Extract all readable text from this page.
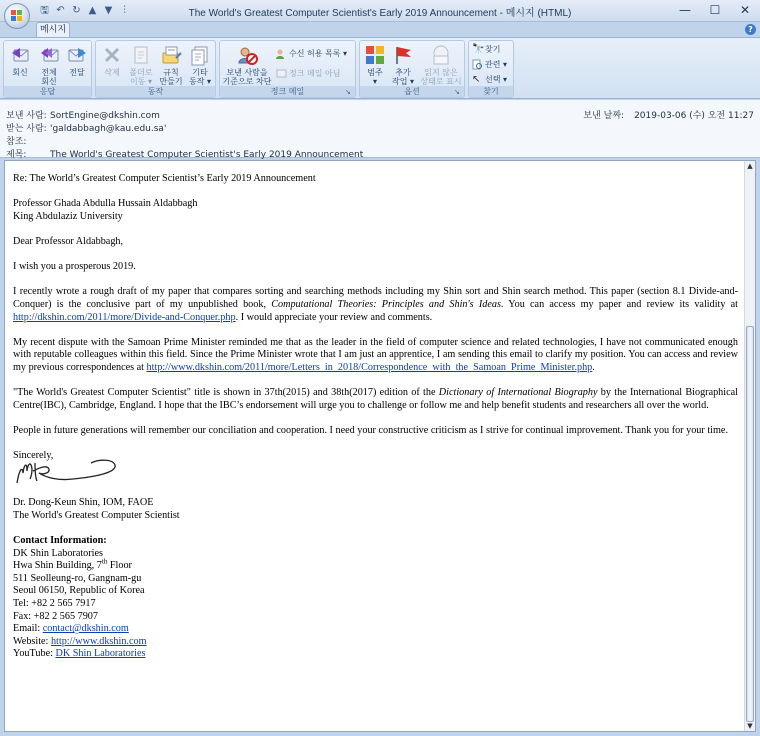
🖫 ↶ ↻ ▲ ▼	⫶	The World's Greatest Computer Scientist's Early 2019 Announcement - 메시지 (HTML)	—	☐	✕
메시지	?
회신	전체
회신
전달
응답
삭제	폴더로
이동 ▾
규칙
만들기
기타
동작 ▾
동작
보낸 사람을
기준으로 차단
수신 허용 목록 ▾
정크 메일 아님
정크 메일	↘
범주
▾
추가
작업 ▾
읽지 않은
상태로 표시
옵션	↘
🔭찾기
관련 ▾
↖ 선택 ▾
찾기
보낸 사람: SortEngine@dkshin.com
받는 사람: 'galdabbagh@kau.edu.sa'
참조:
제목:	The World's Greatest Computer Scientist's Early 2019 Announcement
보낸 날짜: 2019-03-06 (수) 오전 11:27

Re: The World’s Greatest Computer Scientist’s Early 2019 Announcement

Professor Ghada Abdulla Hussain Aldabbagh
King Abdulaziz University

Dear Professor Aldabbagh,

I wish you a prosperous 2019.

I recently wrote a rough draft of my paper that compares sorting and searching methods including my Shin sort and Shin search method. This paper (section 8.1 Divide-and-Conquer) is the conclusive part of my unpublished book, Computational Theories: Principles and Shin's Ideas. You can access my paper and review its validity at http://dkshin.com/2011/more/Divide-and-Conquer.php. I would appreciate your review and comments.

My recent dispute with the Samoan Prime Minister reminded me that as the leader in the field of computer science and related technologies, I have not communicated enough with reputable colleagues within this field. Since the Prime Minister wrote that I am just an apprentice, I am sending this email to clarify my position. You can access and review my previous correspondences at http://www.dkshin.com/2011/more/Letters_in_2018/Correspondence_with_the_Samoan_Prime_Minister.php.

"The World's Greatest Computer Scientist" title is shown in 37th(2015) and 38th(2017) edition of the Dictionary of International Biography by the International Biographical Centre(IBC), Cambridge, England. I hope that the IBC’s endorsement will urge you to challenge or follow me and help benefit students and researchers all over the world.

People in future generations will remember our conciliation and cooperation. I need your constructive criticism as I strive for continual improvement. Thank you for your time.

Sincerely,
Dr. Dong-Keun Shin, IOM, FAOE
The World's Greatest Computer Scientist
Contact Information:
DK Shin Laboratories
Hwa Shin Building, 7th Floor
511 Seolleung-ro, Gangnam-gu
Seoul 06150, Republic of Korea
Tel: +82 2 565 7917
Fax: +82 2 565 7907
Email: contact@dkshin.com
Website: http://www.dkshin.com
YouTube: DK Shin Laboratories
▲
▼
